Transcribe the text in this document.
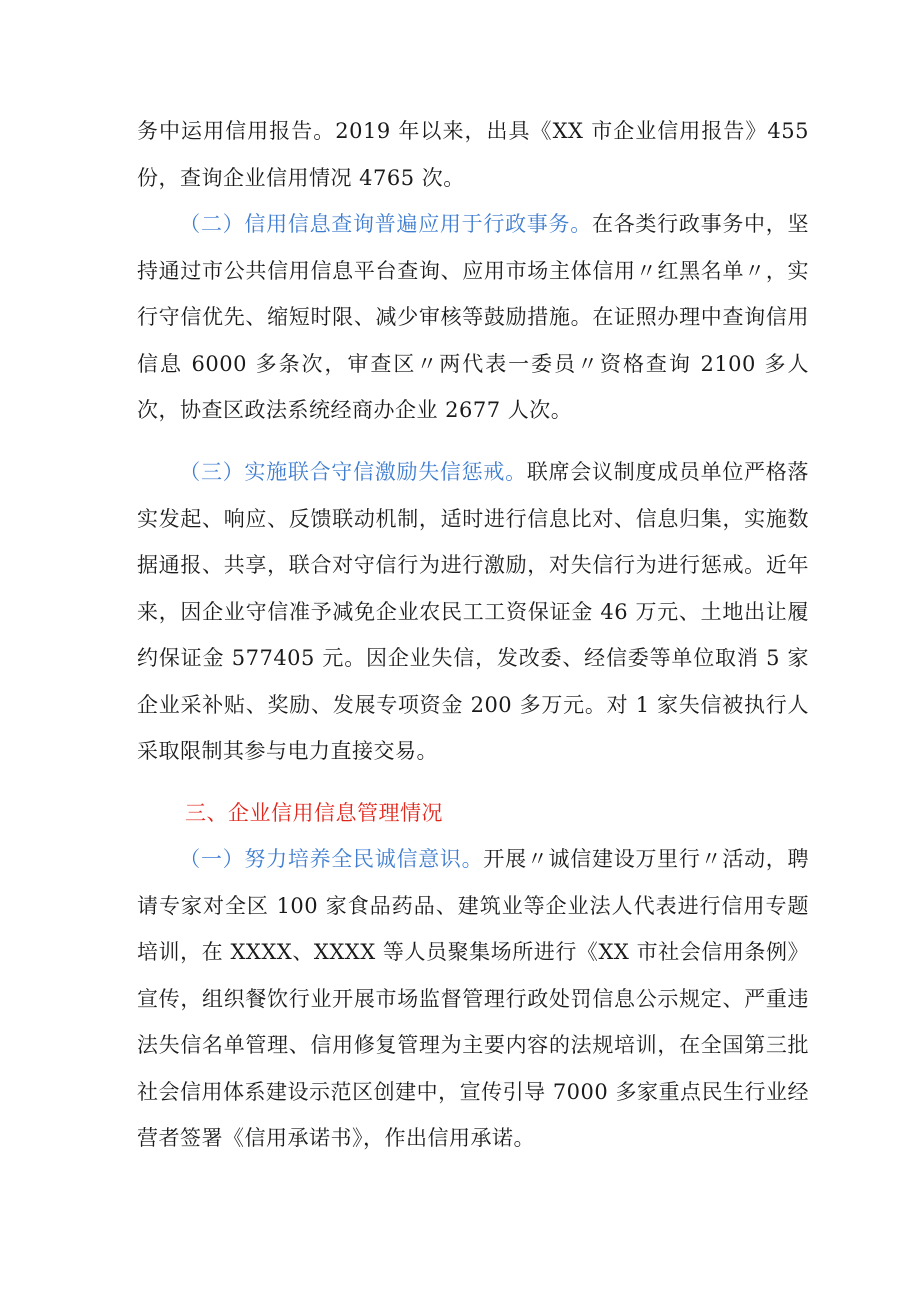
务中运用信用报告。2019 年以来，出具《XX 市企业信用报告》455 份，查询企业信用情况 4765 次。

（二）信用信息查询普遍应用于行政事务。在各类行政事务中，坚持通过市公共信用信息平台查询、应用市场主体信用〃红黑名单〃，实行守信优先、缩短时限、减少审核等鼓励措施。在证照办理中查询信用信息 6000 多条次，审查区〃两代表一委员〃资格查询 2100 多人次，协查区政法系统经商办企业 2677 人次。

（三）实施联合守信激励失信惩戒。联席会议制度成员单位严格落实发起、响应、反馈联动机制，适时进行信息比对、信息归集，实施数据通报、共享，联合对守信行为进行激励，对失信行为进行惩戒。近年来，因企业守信准予减免企业农民工工资保证金 46 万元、土地出让履约保证金 577405 元。因企业失信，发改委、经信委等单位取消 5 家企业采补贴、奖励、发展专项资金 200 多万元。对 1 家失信被执行人采取限制其参与电力直接交易。

三、企业信用信息管理情况

（一）努力培养全民诚信意识。开展〃诚信建设万里行〃活动，聘请专家对全区 100 家食品药品、建筑业等企业法人代表进行信用专题培训，在 XXXX、XXXX 等人员聚集场所进行《XX 市社会信用条例》宣传，组织餐饮行业开展市场监督管理行政处罚信息公示规定、严重违法失信名单管理、信用修复管理为主要内容的法规培训，在全国第三批社会信用体系建设示范区创建中，宣传引导 7000 多家重点民生行业经营者签署《信用承诺书》，作出信用承诺。
